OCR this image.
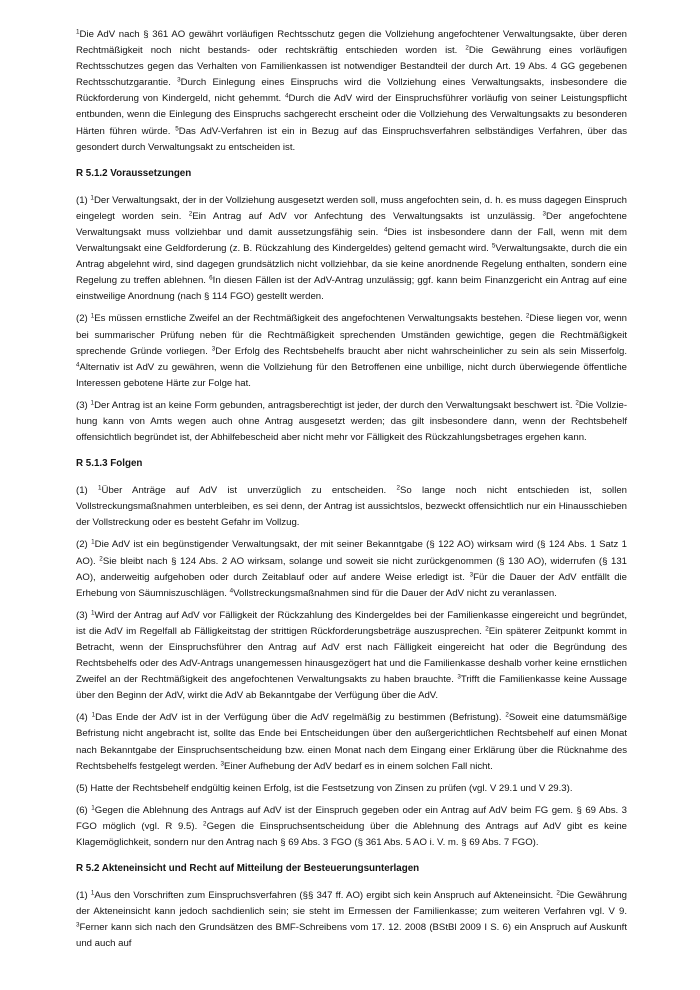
$^1$Die AdV nach § 361 AO gewährt vorläufigen Rechtsschutz gegen die Vollziehung angefochtener Verwaltungsakte, über deren Rechtmäßigkeit noch nicht bestands- oder rechtskräftig entschieden worden ist. $^2$Die Gewährung eines vorläufigen Rechtsschutzes gegen das Verhalten von Familienkassen ist notwendiger Bestandteil der durch Art. 19 Abs. 4 GG gegebenen Rechtsschutzgarantie. $^3$Durch Einlegung eines Einspruchs wird die Vollziehung eines Verwaltungsakts, insbesondere die Rückforderung von Kindergeld, nicht gehemmt. $^4$Durch die AdV wird der Einspruchsführer vorläufig von seiner Leistungspflicht entbunden, wenn die Einlegung des Einspruchs sachgerecht erscheint oder die Vollziehung des Verwaltungsakts zu besonderen Härten führen würde. $^5$Das AdV-Verfahren ist ein in Bezug auf das Einspruchsverfahren selbständiges Verfahren, über das gesondert durch Verwaltungsakt zu entscheiden ist.

R 5.1.2 Voraussetzungen

(1) $^1$Der Verwaltungsakt, der in der Vollziehung ausgesetzt werden soll, muss angefochten sein, d. h. es muss dagegen Einspruch eingelegt worden sein. $^2$Ein Antrag auf AdV vor Anfechtung des Verwaltungsakts ist unzulässig. $^3$Der angefochtene Verwaltungsakt muss vollziehbar und damit aussetzungsfähig sein. $^4$Dies ist insbesondere dann der Fall, wenn mit dem Verwaltungsakt eine Geldforderung (z. B. Rückzahlung des Kindergeldes) geltend gemacht wird. $^5$Verwaltungsakte, durch die ein Antrag abgelehnt wird, sind dagegen grundsätzlich nicht vollziehbar, da sie keine anordnende Regelung enthalten, sondern eine Regelung zu treffen ablehnen. $^6$In diesen Fällen ist der AdV-Antrag unzulässig; ggf. kann beim Finanzgericht ein Antrag auf eine einstweilige Anordnung (nach § 114 FGO) gestellt werden.

(2) $^1$Es müssen ernstliche Zweifel an der Rechtmäßigkeit des angefochtenen Verwaltungsakts bestehen. $^2$Diese liegen vor, wenn bei summarischer Prüfung neben für die Rechtmäßigkeit sprechenden Umständen gewichtige, gegen die Rechtmäßigkeit sprechende Gründe vorliegen. $^3$Der Erfolg des Rechtsbehelfs braucht aber nicht wahrscheinlicher zu sein als sein Misserfolg. $^4$Alternativ ist AdV zu gewähren, wenn die Vollziehung für den Betroffenen eine unbillige, nicht durch überwiegende öffentliche Interessen gebotene Härte zur Folge hat.

(3) $^1$Der Antrag ist an keine Form gebunden, antragsberechtigt ist jeder, der durch den Verwaltungsakt beschwert ist. $^2$Die Vollziehung kann von Amts wegen auch ohne Antrag ausgesetzt werden; das gilt insbesondere dann, wenn der Rechtsbehelf offensichtlich begründet ist, der Abhilfebescheid aber nicht mehr vor Fälligkeit des Rückzahlungsbetrages ergehen kann.

R 5.1.3 Folgen

(1) $^1$Über Anträge auf AdV ist unverzüglich zu entscheiden. $^2$So lange noch nicht entschieden ist, sollen Vollstreckungsmaßnahmen unterbleiben, es sei denn, der Antrag ist aussichtslos, bezweckt offensichtlich nur ein Hinausschieben der Vollstreckung oder es besteht Gefahr im Vollzug.

(2) $^1$Die AdV ist ein begünstigender Verwaltungsakt, der mit seiner Bekanntgabe (§ 122 AO) wirksam wird (§ 124 Abs. 1 Satz 1 AO). $^2$Sie bleibt nach § 124 Abs. 2 AO wirksam, solange und soweit sie nicht zurückgenommen (§ 130 AO), widerrufen (§ 131 AO), anderweitig aufgehoben oder durch Zeitablauf oder auf andere Weise erledigt ist. $^3$Für die Dauer der AdV entfällt die Erhebung von Säumniszuschlägen. $^4$Vollstreckungsmaßnahmen sind für die Dauer der AdV nicht zu veranlassen.

(3) $^1$Wird der Antrag auf AdV vor Fälligkeit der Rückzahlung des Kindergeldes bei der Familienkasse eingereicht und begründet, ist die AdV im Regelfall ab Fälligkeitstag der strittigen Rückforderungsbeträge auszusprechen. $^2$Ein späterer Zeitpunkt kommt in Betracht, wenn der Einspruchsführer den Antrag auf AdV erst nach Fälligkeit eingereicht hat oder die Begründung des Rechtsbehelfs oder des AdV-Antrags unangemessen hinausgezögert hat und die Familienkasse deshalb vorher keine ernstlichen Zweifel an der Rechtmäßigkeit des angefochtenen Verwaltungsakts zu haben brauchte. $^3$Trifft die Familienkasse keine Aussage über den Beginn der AdV, wirkt die AdV ab Bekanntgabe der Verfügung über die AdV.

(4) $^1$Das Ende der AdV ist in der Verfügung über die AdV regelmäßig zu bestimmen (Befristung). $^2$Soweit eine datumsmäßige Befristung nicht angebracht ist, sollte das Ende bei Entscheidungen über den außergerichtlichen Rechtsbehelf auf einen Monat nach Bekanntgabe der Einspruchsentscheidung bzw. einen Monat nach dem Eingang einer Erklärung über die Rücknahme des Rechtsbehelfs festgelegt werden. $^3$Einer Aufhebung der AdV bedarf es in einem solchen Fall nicht.

(5) Hatte der Rechtsbehelf endgültig keinen Erfolg, ist die Festsetzung von Zinsen zu prüfen (vgl. V 29.1 und V 29.3).

(6) $^1$Gegen die Ablehnung des Antrags auf AdV ist der Einspruch gegeben oder ein Antrag auf AdV beim FG gem. § 69 Abs. 3 FGO möglich (vgl. R 9.5). $^2$Gegen die Einspruchsentscheidung über die Ablehnung des Antrags auf AdV gibt es keine Klagemöglichkeit, sondern nur den Antrag nach § 69 Abs. 3 FGO (§ 361 Abs. 5 AO i. V. m. § 69 Abs. 7 FGO).

R 5.2 Akteneinsicht und Recht auf Mitteilung der Besteuerungsunterlagen

(1) $^1$Aus den Vorschriften zum Einspruchsverfahren (§§ 347 ff. AO) ergibt sich kein Anspruch auf Akteneinsicht. $^2$Die Gewährung der Akteneinsicht kann jedoch sachdienlich sein; sie steht im Ermessen der Familienkasse; zum weiteren Verfahren vgl. V 9. $^3$Ferner kann sich nach den Grundsätzen des BMF-Schreibens vom 17. 12. 2008 (BStBl 2009 I S. 6) ein Anspruch auf Auskunft und auch auf
